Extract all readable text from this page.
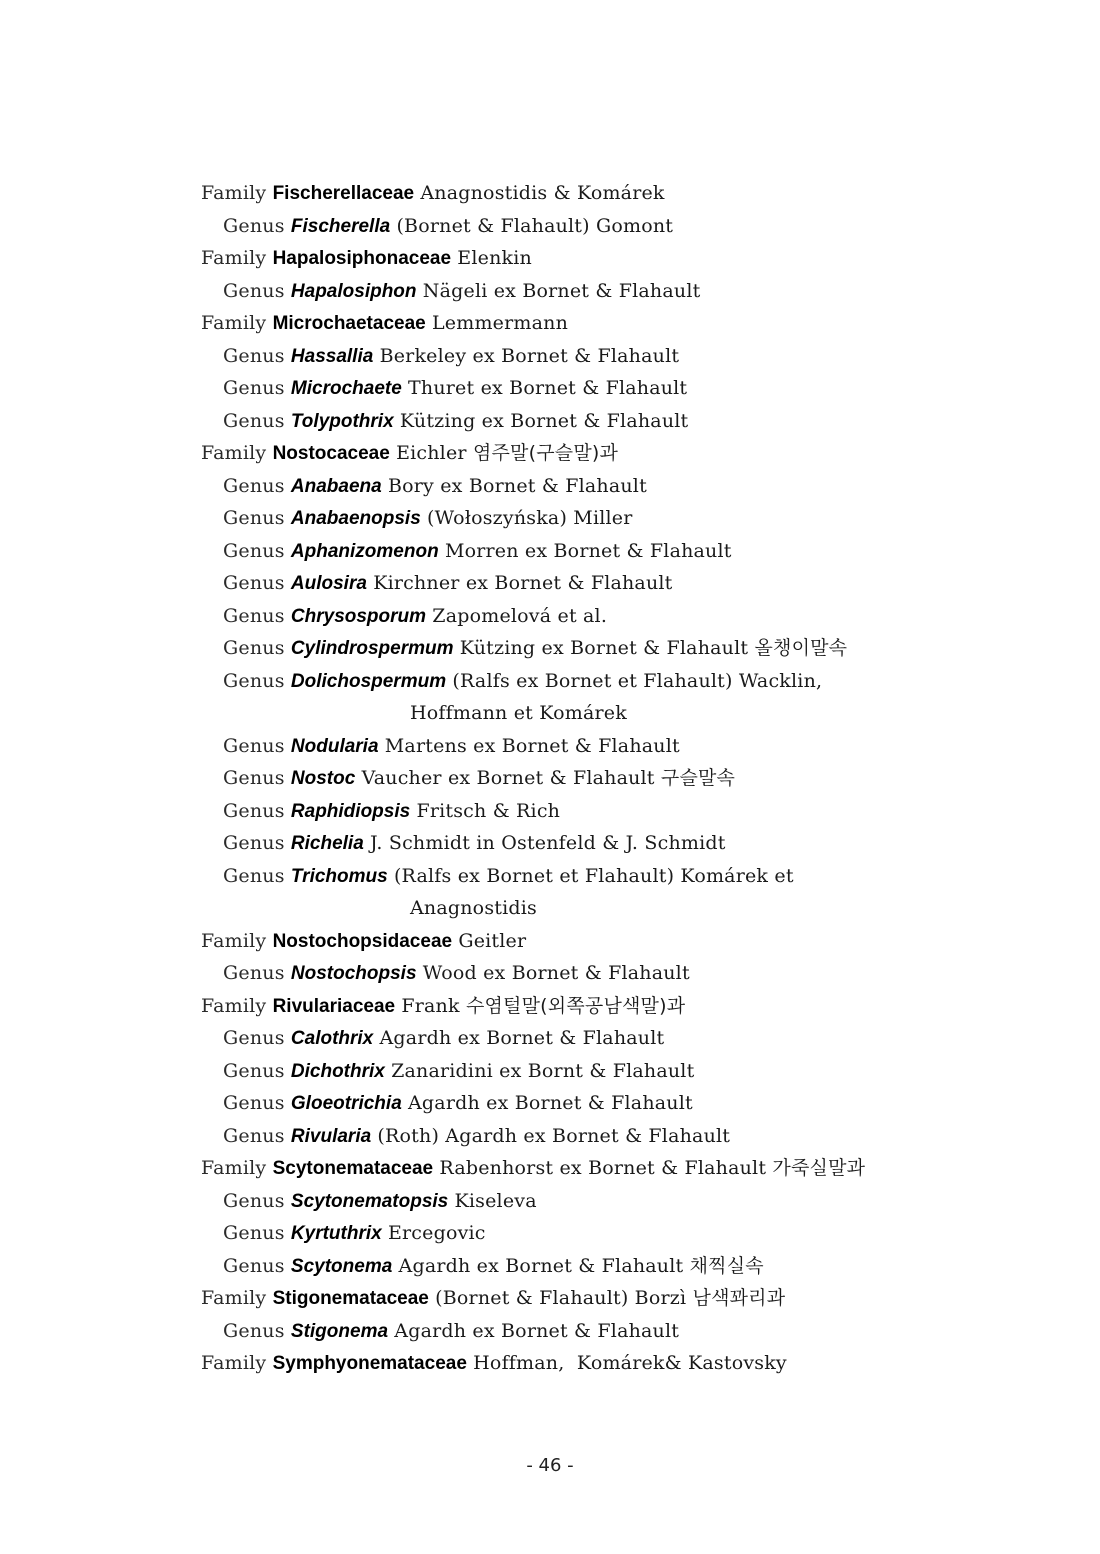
Family Fischerellaceae Anagnostidis & Komárek
Genus Fischerella (Bornet & Flahault) Gomont
Family Hapalosiphonaceae Elenkin
Genus Hapalosiphon Nägeli ex Bornet & Flahault
Family Microchaetaceae Lemmermann
Genus Hassallia Berkeley ex Bornet & Flahault
Genus Microchaete Thuret ex Bornet & Flahault
Genus Tolypothrix Kützing ex Bornet & Flahault
Family Nostocaceae Eichler 염주말(구슬말)과
Genus Anabaena Bory ex Bornet & Flahault
Genus Anabaenopsis (Wołoszyńska) Miller
Genus Aphanizomenon Morren ex Bornet & Flahault
Genus Aulosira Kirchner ex Bornet & Flahault
Genus Chrysosporum Zapomelová et al.
Genus Cylindrospermum Kützing ex Bornet & Flahault 올챙이말속
Genus Dolichospermum (Ralfs ex Bornet et Flahault) Wacklin,
Hoffmann et Komárek
Genus Nodularia Martens ex Bornet & Flahault
Genus Nostoc Vaucher ex Bornet & Flahault 구슬말속
Genus Raphidiopsis Fritsch & Rich
Genus Richelia J. Schmidt in Ostenfeld & J. Schmidt
Genus Trichomus (Ralfs ex Bornet et Flahault) Komárek et
Anagnostidis
Family Nostochopsidaceae Geitler
Genus Nostochopsis Wood ex Bornet & Flahault
Family Rivulariaceae Frank 수염털말(외쪽공남색말)과
Genus Calothrix Agardh ex Bornet & Flahault
Genus Dichothrix Zanaridini ex Bornt & Flahault
Genus Gloeotrichia Agardh ex Bornet & Flahault
Genus Rivularia (Roth) Agardh ex Bornet & Flahault
Family Scytonemataceae Rabenhorst ex Bornet & Flahault 가죽실말과
Genus Scytonematopsis Kiseleva
Genus Kyrtuthrix Ercegovic
Genus Scytonema Agardh ex Bornet & Flahault 채찍실속
Family Stigonemataceae (Bornet & Flahault) Borzì 남색꽈리과
Genus Stigonema Agardh ex Bornet & Flahault
Family Symphyonemataceae Hoffman,  Komárek& Kastovsky
- 46 -
